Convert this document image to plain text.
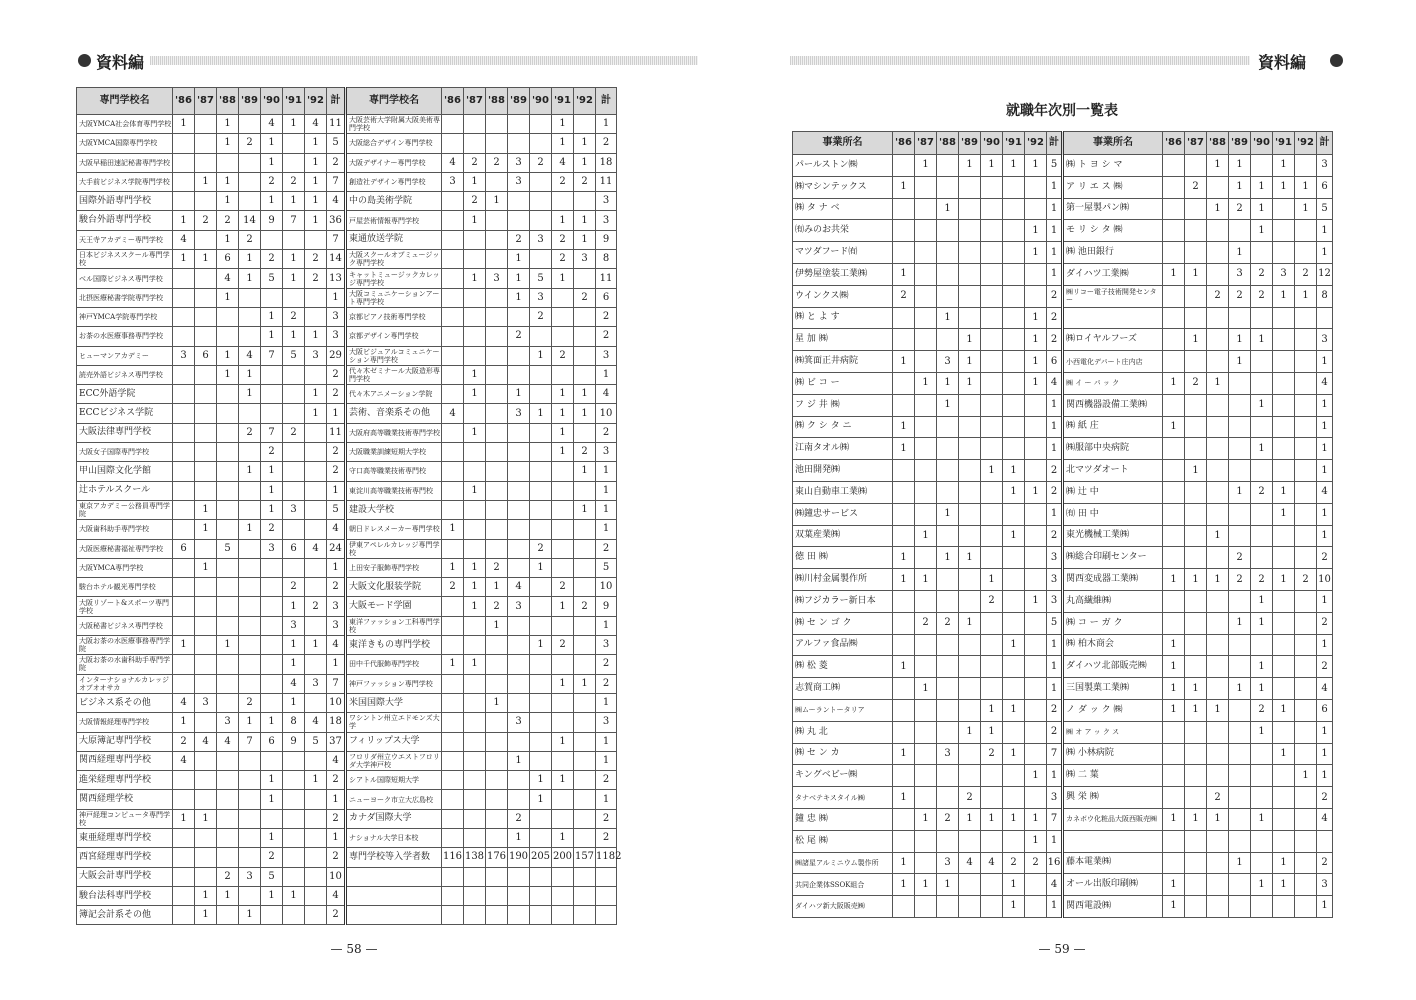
資料編
専門学校名	'86	'87	'88	'89	'90	'91	'92	計	専門学校名	'86	'87	'88	'89	'90	'91	'92	計
大阪YMCA社会体育専門学校	1		1		4	1	4	11	大阪芸術大学附属大阪美術専門学校						1		1
大阪YMCA国際専門学校			1	2	1		1	5	大阪総合デザイン専門学校						1	1	2
大阪早稲田速記秘書専門学校					1		1	2	大阪デザイナー専門学校	4	2	2	3	2	4	1	18
大手前ビジネス学院専門学校		1	1		2	2	1	7	創造社デザイン専門学校	3	1		3		2	2	11
国際外語専門学校			1		1	1	1	4	中の島美術学院		2	1					3
駿台外語専門学校	1	2	2	14	9	7	1	36	戸屋芸術情報専門学校		1				1	1	3
天王寺アカデミー専門学校	4		1	2				7	東通放送学院				2	3	2	1	9
日本ビジネススクール専門学校	1	1	6	1	2	1	2	14	大阪スクールオブミュージック専門学校				1		2	3	8
ベル国際ビジネス専門学校			4	1	5	1	2	13	キャットミュージックカレッジ専門学校		1	3	1	5	1		11
北摂医療秘書学院専門学校			1					1	大阪コミュニケーションアート専門学校				1	3		2	6
神戸YMCA学院専門学校					1	2		3	京都ピアノ技術専門学校					2			2
お茶の水医療事務専門学校					1	1	1	3	京都デザイン専門学校				2				2
ヒューマンアカデミー	3	6	1	4	7	5	3	29	大阪ビジュアルコミュニケーション専門学校					1	2		3
読売外語ビジネス専門学校			1	1				2	代々木ゼミナール大阪造形専門学校		1						1
ECC外語学院				1			1	2	代々木アニメーション学院		1		1		1	1	4
ECCビジネス学院							1	1	芸術、音楽系その他	4			3	1	1	1	10
大阪法律専門学校				2	7	2		11	大阪府高等職業技術専門学校		1				1		2
大阪女子国際専門学校					2			2	大阪職業訓練短期大学校						1	2	3
甲山国際文化学館				1	1			2	守口高等職業技術専門校							1	1
辻ホテルスクール					1			1	東淀川高等職業技術専門校		1						1
東京アカデミー公務員専門学院		1			1	3		5	建設大学校							1	1
大阪歯科助手専門学校		1		1	2			4	朝日ドレスメーカー専門学校	1							1
大阪医療秘書福祉専門学校	6		5		3	6	4	24	伊東アペレルカレッジ専門学校					2			2
大阪YMCA専門学校		1						1	上田安子服飾専門学校	1	1	2		1			5
駿台ホテル観光専門学校						2		2	大阪文化服装学院	2	1	1	4		2		10
大阪リゾート&スポーツ専門学校						1	2	3	大阪モード学園		1	2	3		1	2	9
大阪秘書ビジネス専門学校						3		3	東洋ファッション工科専門学校			1					1
大阪お茶の水医療事務専門学院	1		1			1	1	4	東洋きもの専門学校					1	2		3
大阪お茶の水歯科助手専門学院						1		1	田中千代服飾専門学校	1	1						2
インターナショナルカレッジオブオオサカ						4	3	7	神戸ファッション専門学校						1	1	2
ビジネス系その他	4	3		2		1		10	米国国際大学			1					1
大阪情報経理専門学校	1		3	1	1	8	4	18	ワシントン州立エドモンズ大学				3				3
大原簿記専門学校	2	4	4	7	6	9	5	37	フィリップス大学						1		1
関西経理専門学校	4							4	フロリダ州立ウエストフロリダ大学神戸校				1				1
進栄経理専門学校					1		1	2	シアトル国際短期大学					1	1		2
関西経理学校					1			1	ニューヨーク市立大広島校					1			1
神戸経理コンピュータ専門学校	1	1						2	カナダ国際大学				2				2
東亜経理専門学校					1			1	ナショナル大学日本校				1		1		2
西宮経理専門学校					2			2	専門学校等入学者数	116	138	176	190	205	200	157	1182
大阪会計専門学校			2	3	5			10									
駿台法科専門学校		1	1		1	1		4									
簿記会計系その他		1		1				2									
— 58 —
資料編
就職年次別一覧表
事業所名	'86	'87	'88	'89	'90	'91	'92	計	事業所名	'86	'87	'88	'89	'90	'91	'92	計
パールストン㈱		1		1	1	1	1	5	㈱ ト ヨ シ マ			1	1		1		3
㈱マシンテックス	1							1	ア リ エ ス ㈱		2		1	1	1	1	6
㈱ タ ナ ベ			1					1	第一屋製パン㈱			1	2	1		1	5
㈲みのお共栄							1	1	モ リ シ タ ㈱					1			1
マツダフード㈲							1	1	㈱ 池田銀行				1				1
伊勢屋塗装工業㈱	1							1	ダイハツ工業㈱	1	1		3	2	3	2	12
ウインクス㈱	2							2	㈱リコー電子技術開発センター			2	2	2	1	1	8
㈱ と よ す			1				1	2									
星 加 ㈱				1			1	2	㈱ロイヤルフーズ		1		1	1			3
㈱箕面正井病院	1		3	1			1	6	小西電化デパート庄内店				1				1
㈱ ビ コ ー		1	1	1			1	4	㈱ イ ー パ ッ ク	1	2	1					4
フ ジ 井 ㈱			1					1	関西機器設備工業㈱					1			1
㈱ ク シ タ ニ	1							1	㈱ 紙 庄	1							1
江南タオル㈱	1							1	㈱服部中央病院					1			1
池田開発㈱					1	1		2	北マツダオート		1						1
東山自動車工業㈱						1	1	2	㈱ 辻 中				1	2	1		4
㈱鐘忠サービス			1					1	㈲ 田 中						1		1
双葉産業㈱		1				1		2	東光機械工業㈱			1					1
徳 田 ㈱	1		1	1				3	㈱総合印刷センター				2				2
㈱川村金属製作所	1	1			1			3	関西変成器工業㈱	1	1	1	2	2	1	2	10
㈱フジカラー新日本					2		1	3	丸高繊維㈱					1			1
㈱ セ ン ゴ ク		2	2	1				5	㈱ コ ー ガ ク				1	1			2
アルファ食品㈱						1		1	㈱ 柏木商会	1							1
㈱ 松 菱	1							1	ダイハツ北部販売㈱	1				1			2
志賀商工㈱		1						1	三国製菓工業㈱	1	1		1	1			4
㈱ムーラントータリア					1	1		2	ノ ダ ッ ク ㈱	1	1	1		2	1		6
㈱ 丸 北				1	1			2	㈱ オ ア ッ ク ス					1			1
㈱ セ ン カ	1		3		2	1		7	㈱ 小林病院						1		1
キングベビー㈱							1	1	㈱ 二 葉							1	1
タナベテキスタイル㈱	1			2				3	興 栄 ㈱			2					2
鐘 忠 ㈱		1	2	1	1	1	1	7	カネボウ化粧品大阪西販売㈱	1	1	1		1			4
松 尾 ㈱							1	1									
㈱諸星アルミニウム製作所	1		3	4	4	2	2	16	藤本電業㈱				1		1		2
共同企業体SSOK組合	1	1	1			1		4	オール出版印刷㈱	1				1	1		3
ダイハツ新大阪販売㈱						1		1	関西電設㈱	1							1
— 59 —
